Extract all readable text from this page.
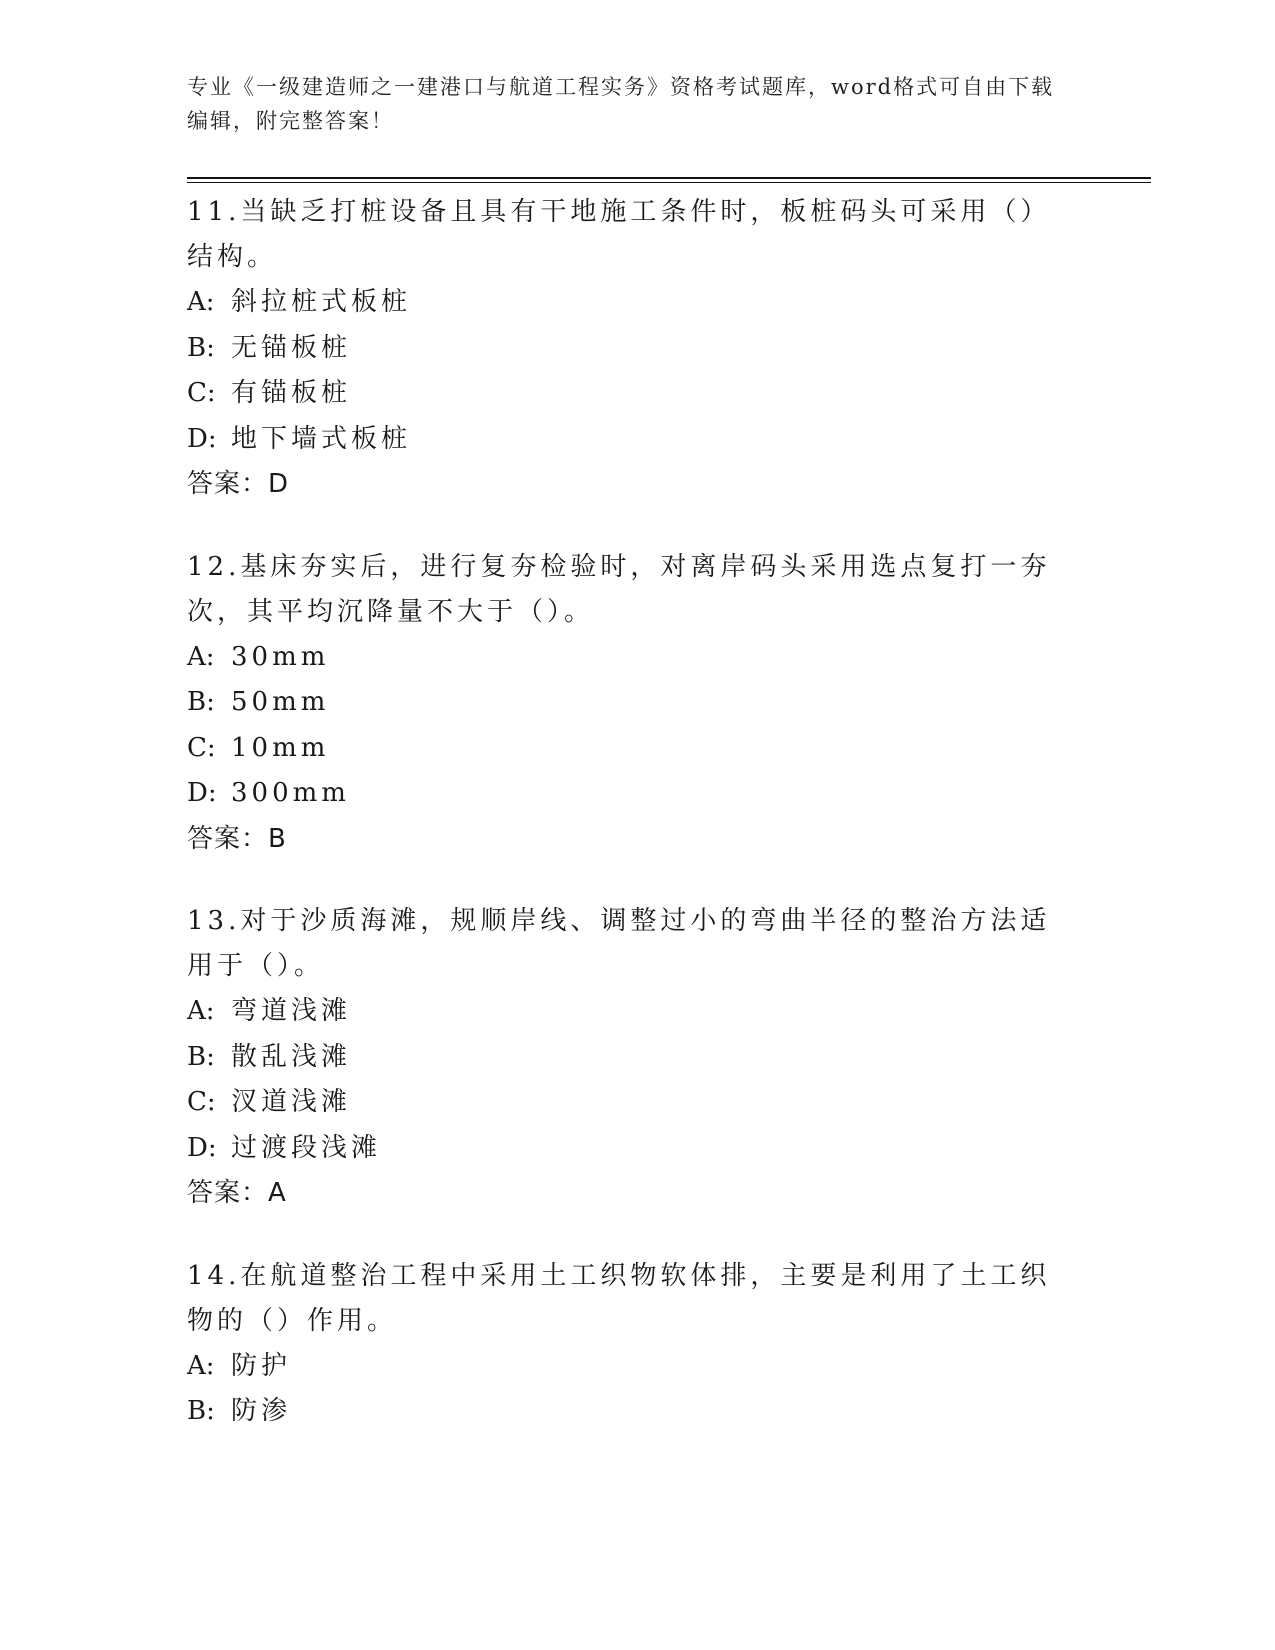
专业《一级建造师之一建港口与航道工程实务》资格考试题库，word格式可自由下载编辑，附完整答案！
11.当缺乏打桩设备且具有干地施工条件时，板桩码头可采用（）结构。
A: 斜拉桩式板桩
B: 无锚板桩
C: 有锚板桩
D: 地下墙式板桩
答案：D
12.基床夯实后，进行复夯检验时，对离岸码头采用选点复打一夯次，其平均沉降量不大于（）。
A: 30mm
B: 50mm
C: 10mm
D: 300mm
答案：B
13.对于沙质海滩，规顺岸线、调整过小的弯曲半径的整治方法适用于（）。
A: 弯道浅滩
B: 散乱浅滩
C: 汊道浅滩
D: 过渡段浅滩
答案：A
14.在航道整治工程中采用土工织物软体排，主要是利用了土工织物的（）作用。
A: 防护
B: 防渗
